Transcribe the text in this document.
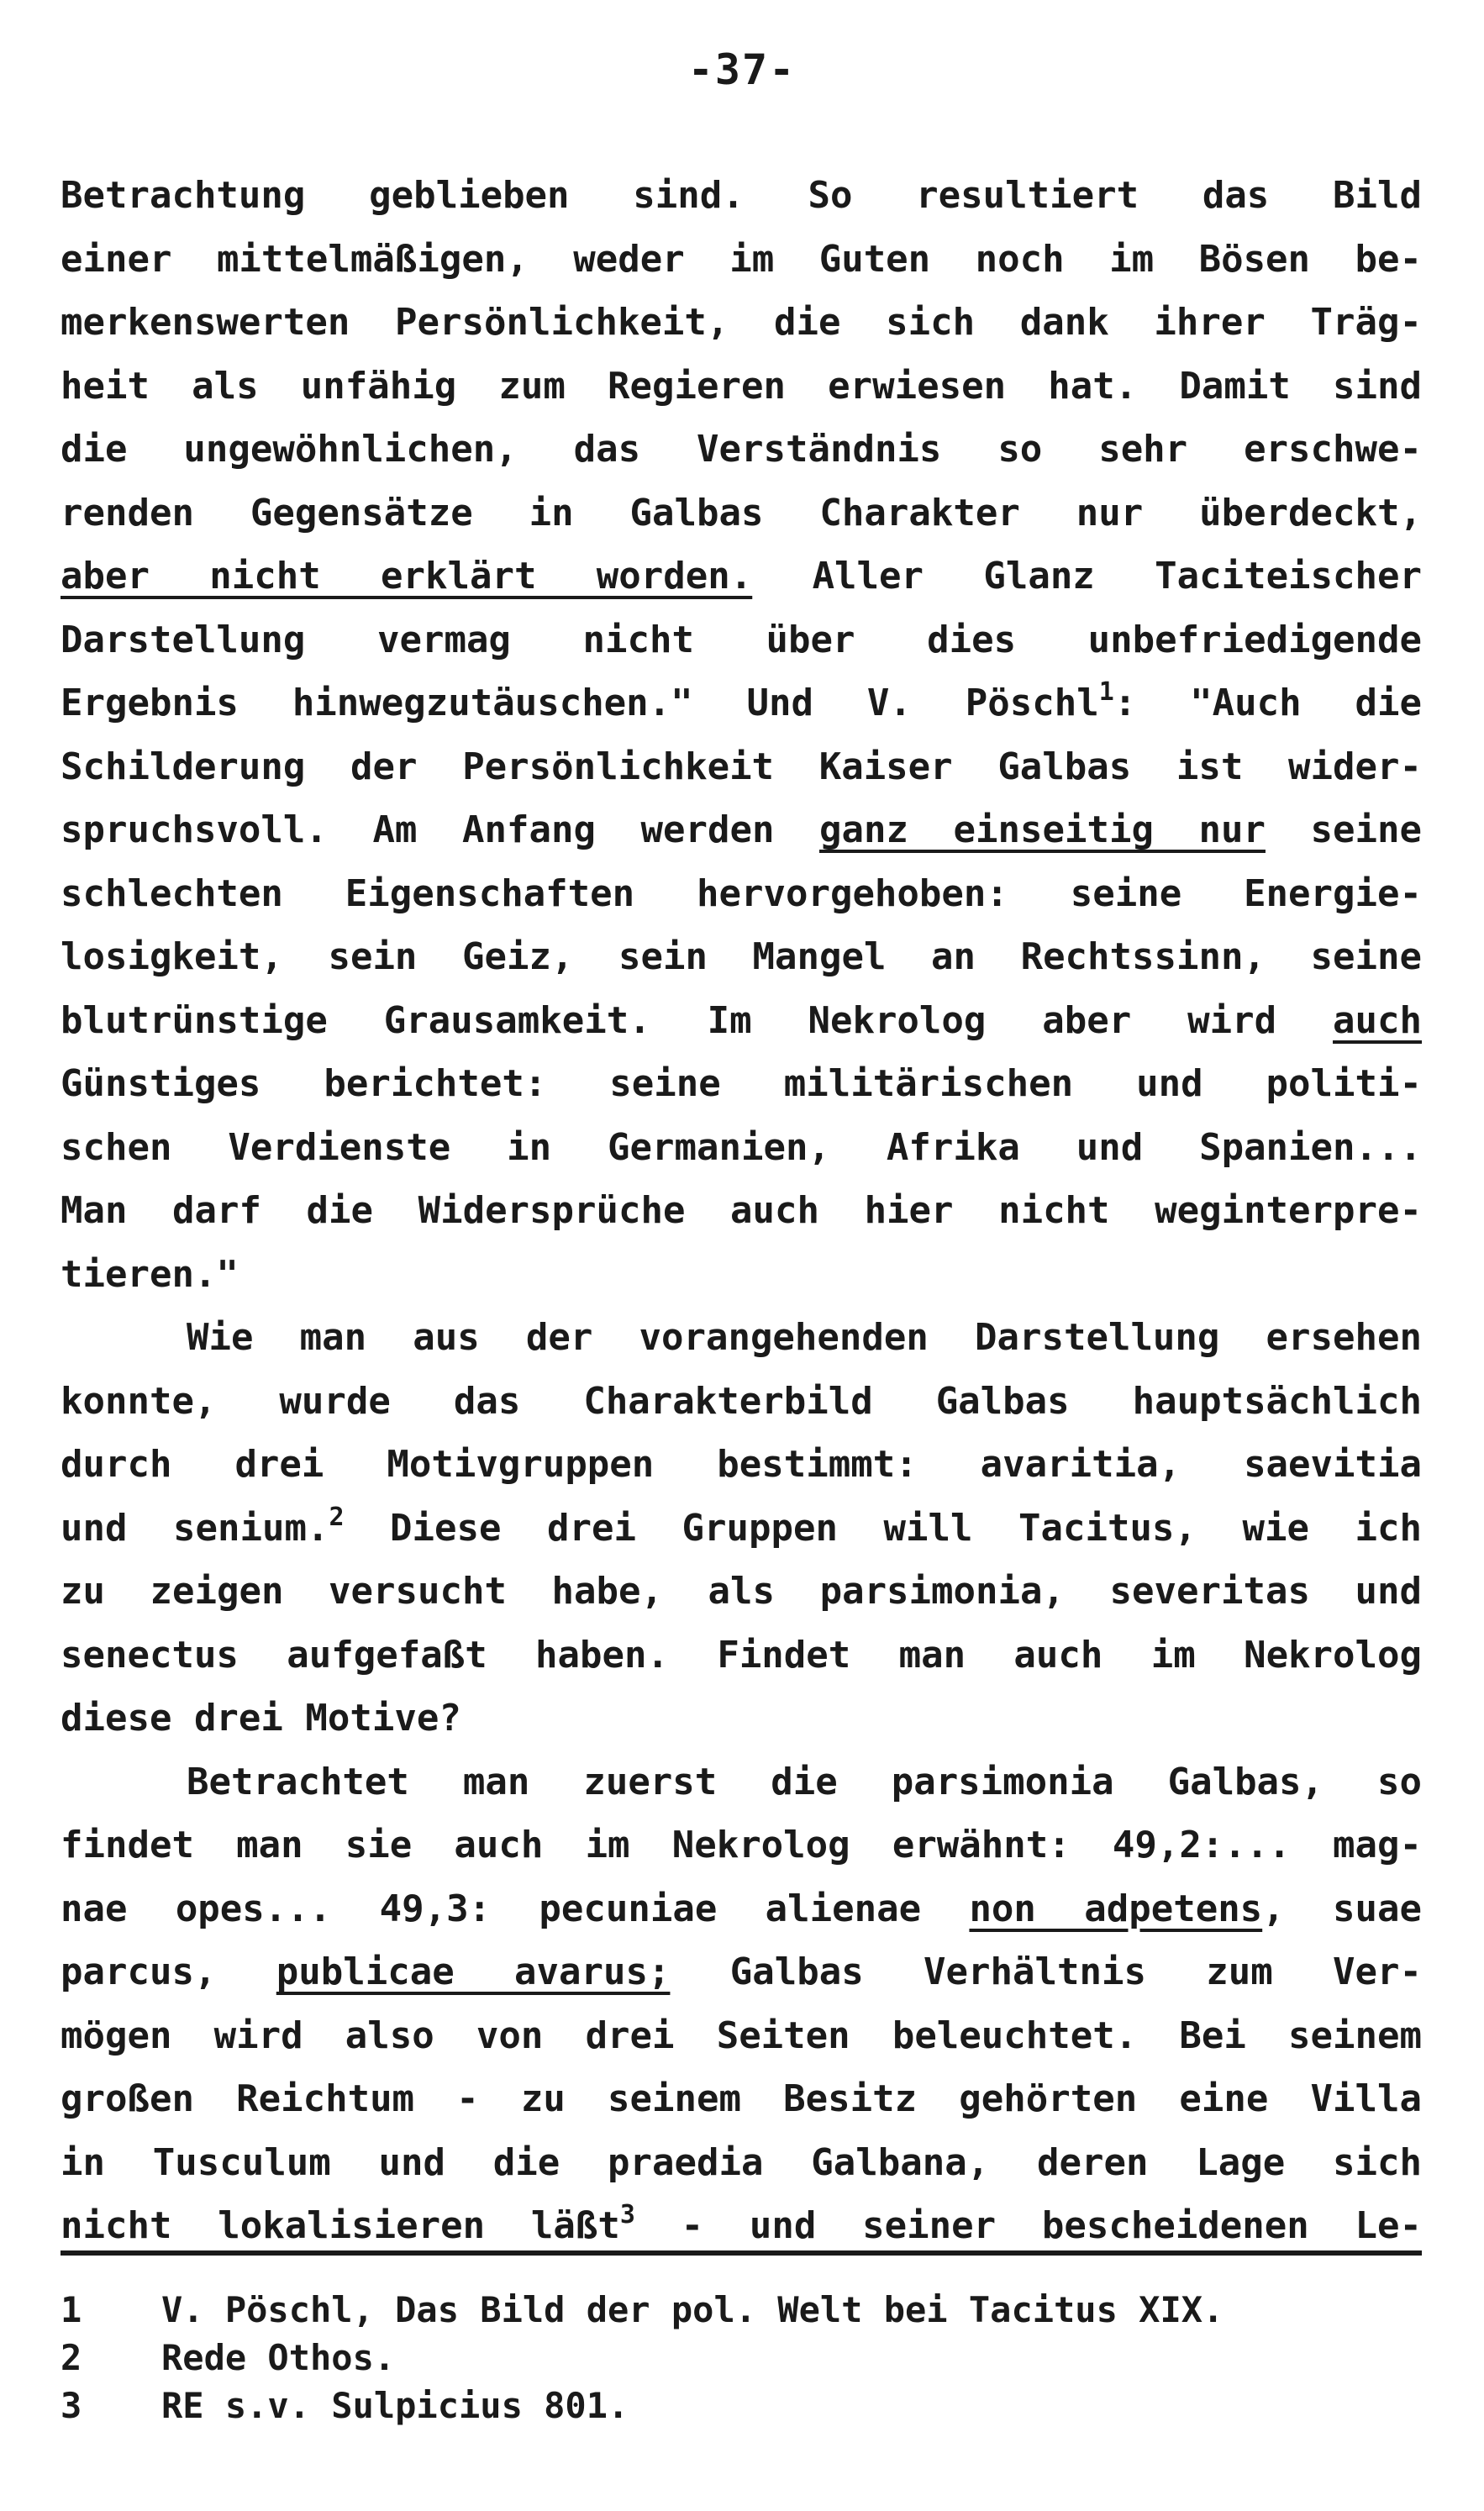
-37-
Betrachtung geblieben sind. So resultiert das Bild
einer mittelmäßigen, weder im Guten noch im Bösen be-
merkenswerten Persönlichkeit, die sich dank ihrer Träg-
heit als unfähig zum Regieren erwiesen hat. Damit sind
die ungewöhnlichen, das Verständnis so sehr erschwe-
renden Gegensätze in Galbas Charakter nur überdeckt,
aber nicht erklärt worden. Aller Glanz Taciteischer
Darstellung vermag nicht über dies unbefriedigende
Ergebnis hinwegzutäuschen." Und V. Pöschl$^1$: "Auch die
Schilderung der Persönlichkeit Kaiser Galbas ist wider-
spruchsvoll. Am Anfang werden ganz einseitig nur seine
schlechten Eigenschaften hervorgehoben: seine Energie-
losigkeit, sein Geiz, sein Mangel an Rechtssinn, seine
blutrünstige Grausamkeit. Im Nekrolog aber wird auch
Günstiges berichtet: seine militärischen und politi-
schen Verdienste in Germanien, Afrika und Spanien...
Man darf die Widersprüche auch hier nicht weginterpre-
tieren."
Wie man aus der vorangehenden Darstellung ersehen
konnte, wurde das Charakterbild Galbas hauptsächlich
durch drei Motivgruppen bestimmt: avaritia, saevitia
und senium.$^2$ Diese drei Gruppen will Tacitus, wie ich
zu zeigen versucht habe, als parsimonia, severitas und
senectus aufgefaßt haben. Findet man auch im Nekrolog
diese drei Motive?
Betrachtet man zuerst die parsimonia Galbas, so
findet man sie auch im Nekrolog erwähnt: 49,2:... mag-
nae opes... 49,3: pecuniae alienae non adpetens, suae
parcus, publicae avarus; Galbas Verhältnis zum Ver-
mögen wird also von drei Seiten beleuchtet. Bei seinem
großen Reichtum - zu seinem Besitz gehörten eine Villa
in Tusculum und die praedia Galbana, deren Lage sich
nicht lokalisieren läßt$^3$ - und seiner bescheidenen Le-
1 V. Pöschl, Das Bild der pol. Welt bei Tacitus XIX.
2 Rede Othos.
3 RE s.v. Sulpicius 801.
